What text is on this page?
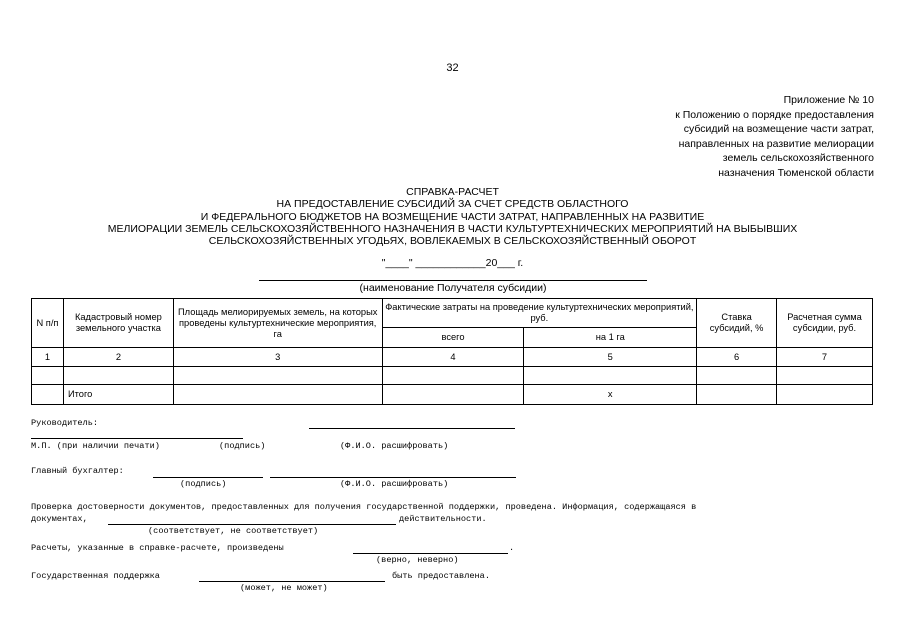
32
Приложение № 10
к Положению о порядке предоставления
субсидий на возмещение части затрат,
направленных на развитие мелиорации
земель сельскохозяйственного
назначения Тюменской области
СПРАВКА-РАСЧЕТ
НА ПРЕДОСТАВЛЕНИЕ СУБСИДИЙ ЗА СЧЕТ СРЕДСТВ ОБЛАСТНОГО
И ФЕДЕРАЛЬНОГО БЮДЖЕТОВ НА ВОЗМЕЩЕНИЕ ЧАСТИ ЗАТРАТ, НАПРАВЛЕННЫХ НА РАЗВИТИЕ
МЕЛИОРАЦИИ ЗЕМЕЛЬ СЕЛЬСКОХОЗЯЙСТВЕННОГО НАЗНАЧЕНИЯ В ЧАСТИ КУЛЬТУРТЕХНИЧЕСКИХ МЕРОПРИЯТИЙ НА ВЫБЫВШИХ
СЕЛЬСКОХОЗЯЙСТВЕННЫХ УГОДЬЯХ, ВОВЛЕКАЕМЫХ В СЕЛЬСКОХОЗЯЙСТВЕННЫЙ ОБОРОТ
"____" ____________20___ г.
(наименование Получателя субсидии)
N п/п	Кадастровый номер земельного участка	Площадь мелиорируемых земель, на которых проведены культуртехнические мероприятия, га	Фактические затраты на проведение культуртехнических мероприятий, руб.		Ставка субсидий, %	Расчетная сумма субсидии, руб.
			всего	на 1 га		
1	2	3	4	5	6	7

	Итого			x		
Руководитель:
М.П. (при наличии печати)	(подпись)	(Ф.И.О. расшифровать)
Главный бухгалтер:
(подпись)	(Ф.И.О. расшифровать)
Проверка достоверности документов, предоставленных для получения государственной поддержки, проведена. Информация, содержащаяся в
документах,	действительности.
(соответствует, не соответствует)
Расчеты, указанные в справке-расчете, произведены	.
(верно, неверно)
Государственная поддержка	быть предоставлена.
(может, не может)
